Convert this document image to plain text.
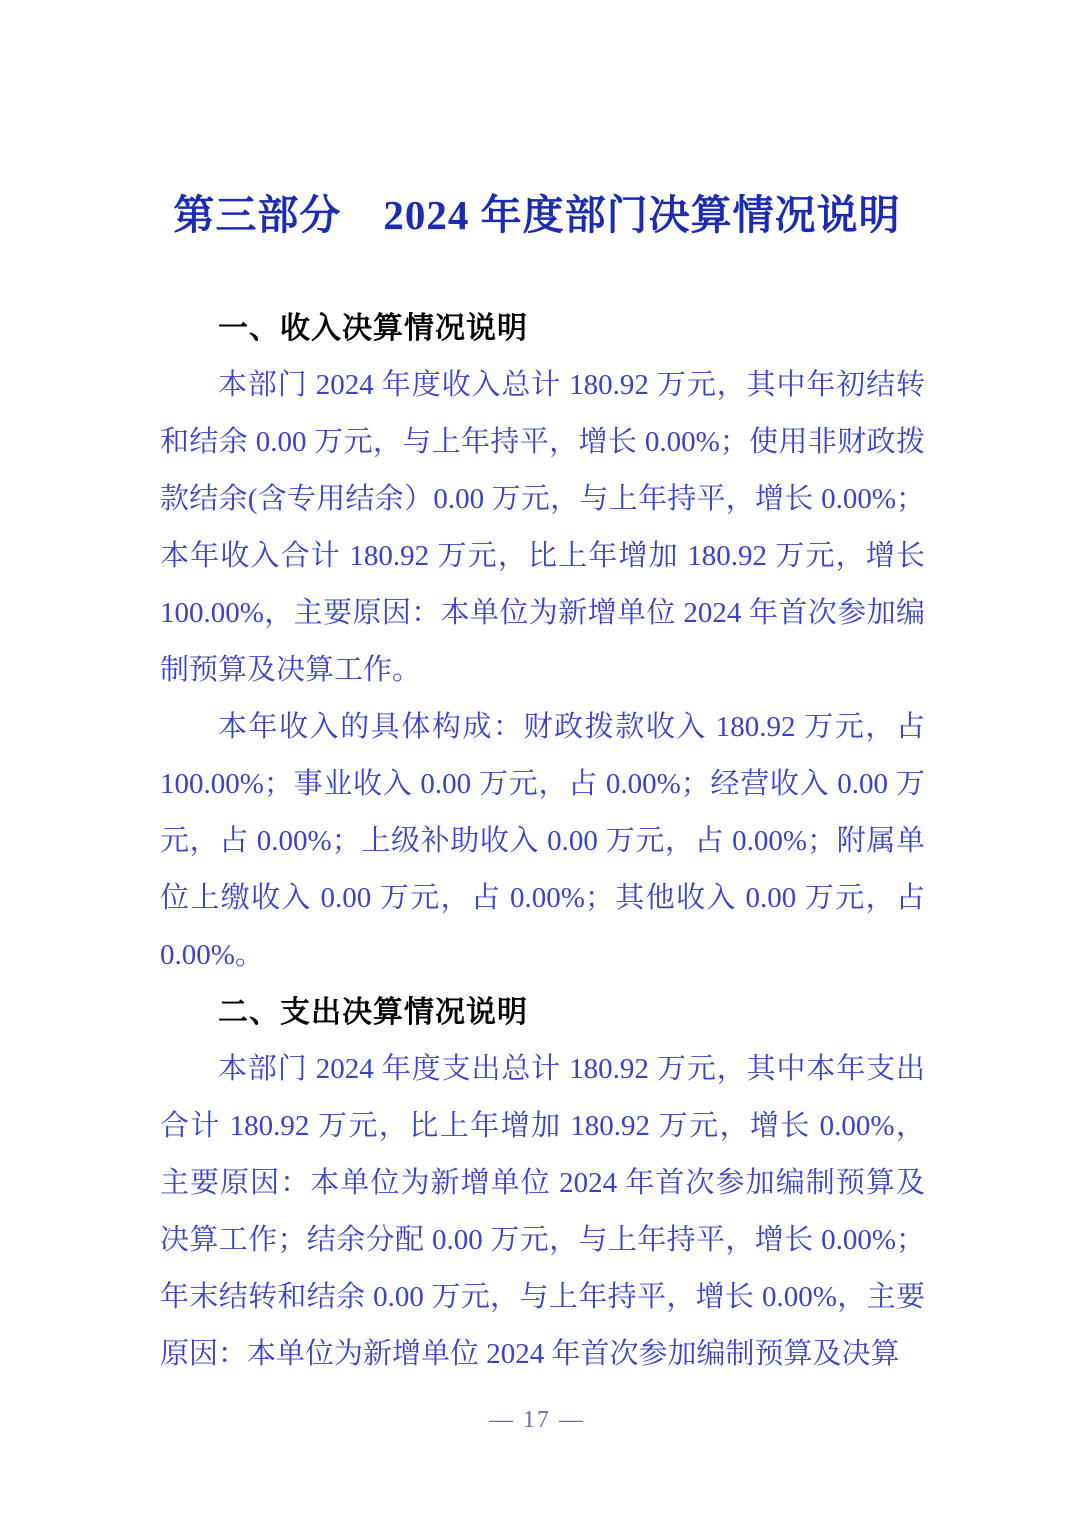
第三部分　2024 年度部门决算情况说明
一、收入决算情况说明
本部门 2024 年度收入总计 180.92 万元，其中年初结转
和结余 0.00 万元，与上年持平，增长 0.00%；使用非财政拨
款结余(含专用结余）0.00 万元，与上年持平，增长 0.00%；
本年收入合计 180.92 万元，比上年增加 180.92 万元，增长
100.00%，主要原因：本单位为新增单位 2024 年首次参加编
制预算及决算工作。
本年收入的具体构成：财政拨款收入 180.92 万元，占
100.00%；事业收入 0.00 万元，占 0.00%；经营收入 0.00 万
元，占 0.00%；上级补助收入 0.00 万元，占 0.00%；附属单
位上缴收入 0.00 万元，占 0.00%；其他收入 0.00 万元，占
0.00%。
二、支出决算情况说明
本部门 2024 年度支出总计 180.92 万元，其中本年支出
合计 180.92 万元，比上年增加 180.92 万元，增长 0.00%，
主要原因：本单位为新增单位 2024 年首次参加编制预算及
决算工作；结余分配 0.00 万元，与上年持平，增长 0.00%；
年末结转和结余 0.00 万元，与上年持平，增长 0.00%，主要
原因：本单位为新增单位 2024 年首次参加编制预算及决算
— 17 —
